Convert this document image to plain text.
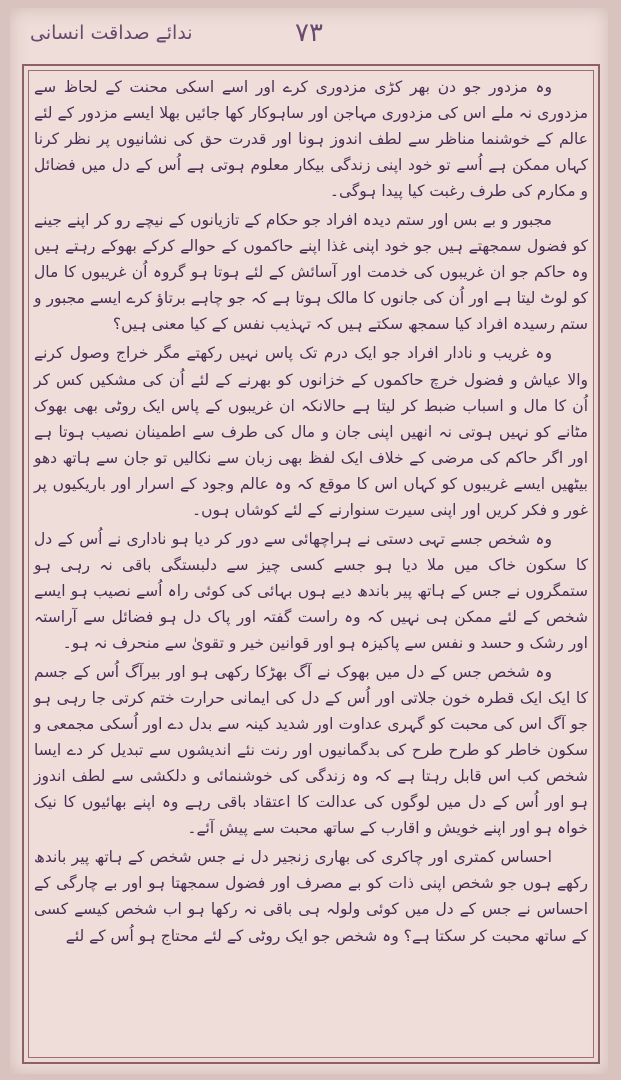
ندائے صداقت انسانی	۷۳

وہ مزدور جو دن بھر کڑی مزدوری کرے اور اسے اسکی محنت کے لحاظ سے مزدوری نہ ملے اس کی مزدوری مہاجن اور ساہوکار کھا جائیں بھلا ایسے مزدور کے لئے عالم کے خوشنما مناظر سے لطف اندوز ہونا اور قدرت حق کی نشانیوں پر نظر کرنا کہاں ممکن ہے اُسے تو خود اپنی زندگی بیکار معلوم ہوتی ہے اُس کے دل میں فضائل و مکارم کی طرف رغبت کیا پیدا ہوگی۔

مجبور و بے بس اور ستم دیدہ افراد جو حکام کے تازیانوں کے نیچے رو کر اپنے جینے کو فضول سمجھتے ہیں جو خود اپنی غذا اپنے حاکموں کے حوالے کرکے بھوکے رہتے ہیں وہ حاکم جو ان غریبوں کی خدمت اور آسائش کے لئے ہوتا ہو گروہ اُن غریبوں کا مال کو لوٹ لیتا ہے اور اُن کی جانوں کا مالک ہوتا ہے کہ جو چاہے برتاؤ کرے ایسے مجبور و ستم رسیدہ افراد کیا سمجھ سکتے ہیں کہ تہذیب نفس کے کیا معنی ہیں؟

وہ غریب و نادار افراد جو ایک درم تک پاس نہیں رکھتے مگر خراج وصول کرنے والا عیاش و فضول خرچ حاکموں کے خزانوں کو بھرنے کے لئے اُن کی مشکیں کس کر اُن کا مال و اسباب ضبط کر لیتا ہے حالانکہ ان غریبوں کے پاس ایک روٹی بھی بھوک مٹانے کو نہیں ہوتی نہ انھیں اپنی جان و مال کی طرف سے اطمینان نصیب ہوتا ہے اور اگر حاکم کی مرضی کے خلاف ایک لفظ بھی زبان سے نکالیں تو جان سے ہاتھ دھو بیٹھیں ایسے غریبوں کو کہاں اس کا موقع کہ وہ عالم وجود کے اسرار اور باریکیوں پر غور و فکر کریں اور اپنی سیرت سنوارنے کے لئے کوشاں ہوں۔

وہ شخص جسے تہی دستی نے ہراچھائی سے دور کر دیا ہو ناداری نے اُس کے دل کا سکون خاک میں ملا دیا ہو جسے کسی چیز سے دلبستگی باقی نہ رہی ہو ستمگروں نے جس کے ہاتھ پیر باندھ دیے ہوں بہائی کی کوئی راہ اُسے نصیب ہو ایسے شخص کے لئے ممکن ہی نہیں کہ وہ راست گفتہ اور پاک دل ہو فضائل سے آراستہ اور رشک و حسد و نفس سے پاکیزہ ہو اور قوانین خیر و تقویٰ سے منحرف نہ ہو۔

وہ شخص جس کے دل میں بھوک نے آگ بھڑکا رکھی ہو اور بیرآگ اُس کے جسم کا ایک ایک قطرہ خون جلاتی اور اُس کے دل کی ایمانی حرارت ختم کرتی جا رہی ہو جو آگ اس کی محبت کو گہری عداوت اور شدید کینہ سے بدل دے اور اُسکی مجمعی و سکون خاطر کو طرح طرح کی بدگمانیوں اور رنت نئے اندیشوں سے تبدیل کر دے ایسا شخص کب اس قابل رہتا ہے کہ وہ زندگی کی خوشنمائی و دلکشی سے لطف اندوز ہو اور اُس کے دل میں لوگوں کی عدالت کا اعتقاد باقی رہے وہ اپنے بھائیوں کا نیک خواہ ہو اور اپنے خویش و اقارب کے ساتھ محبت سے پیش آئے۔

احساس کمتری اور چاکری کی بھاری زنجیر دل نے جس شخص کے ہاتھ پیر باندھ رکھے ہوں جو شخص اپنی ذات کو بے مصرف اور فضول سمجھتا ہو اور بے چارگی کے احساس نے جس کے دل میں کوئی ولولہ ہی باقی نہ رکھا ہو اب شخص کیسے کسی کے ساتھ محبت کر سکتا ہے؟ وہ شخص جو ایک روٹی کے لئے محتاج ہو اُس کے لئے
